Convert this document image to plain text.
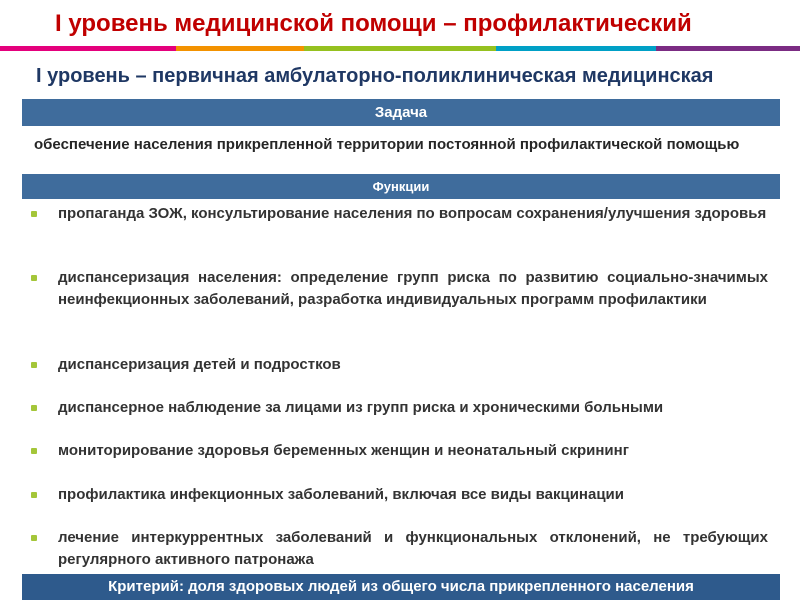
I уровень медицинской помощи – профилактический
I уровень – первичная амбулаторно-поликлиническая медицинская
Задача
обеспечение населения прикрепленной территории постоянной профилактической помощью
Функции
пропаганда ЗОЖ, консультирование населения по вопросам сохранения/улучшения здоровья
диспансеризация населения: определение групп риска по развитию социально-значимых неинфекционных заболеваний, разработка индивидуальных программ профилактики
диспансеризация детей и подростков
диспансерное наблюдение за лицами из групп риска и хроническими больными
мониторирование здоровья беременных женщин и неонатальный скрининг
профилактика инфекционных заболеваний, включая все виды вакцинации
лечение интеркуррентных заболеваний и функциональных отклонений, не требующих регулярного активного патронажа
Критерий: доля здоровых людей из общего числа прикрепленного населения
